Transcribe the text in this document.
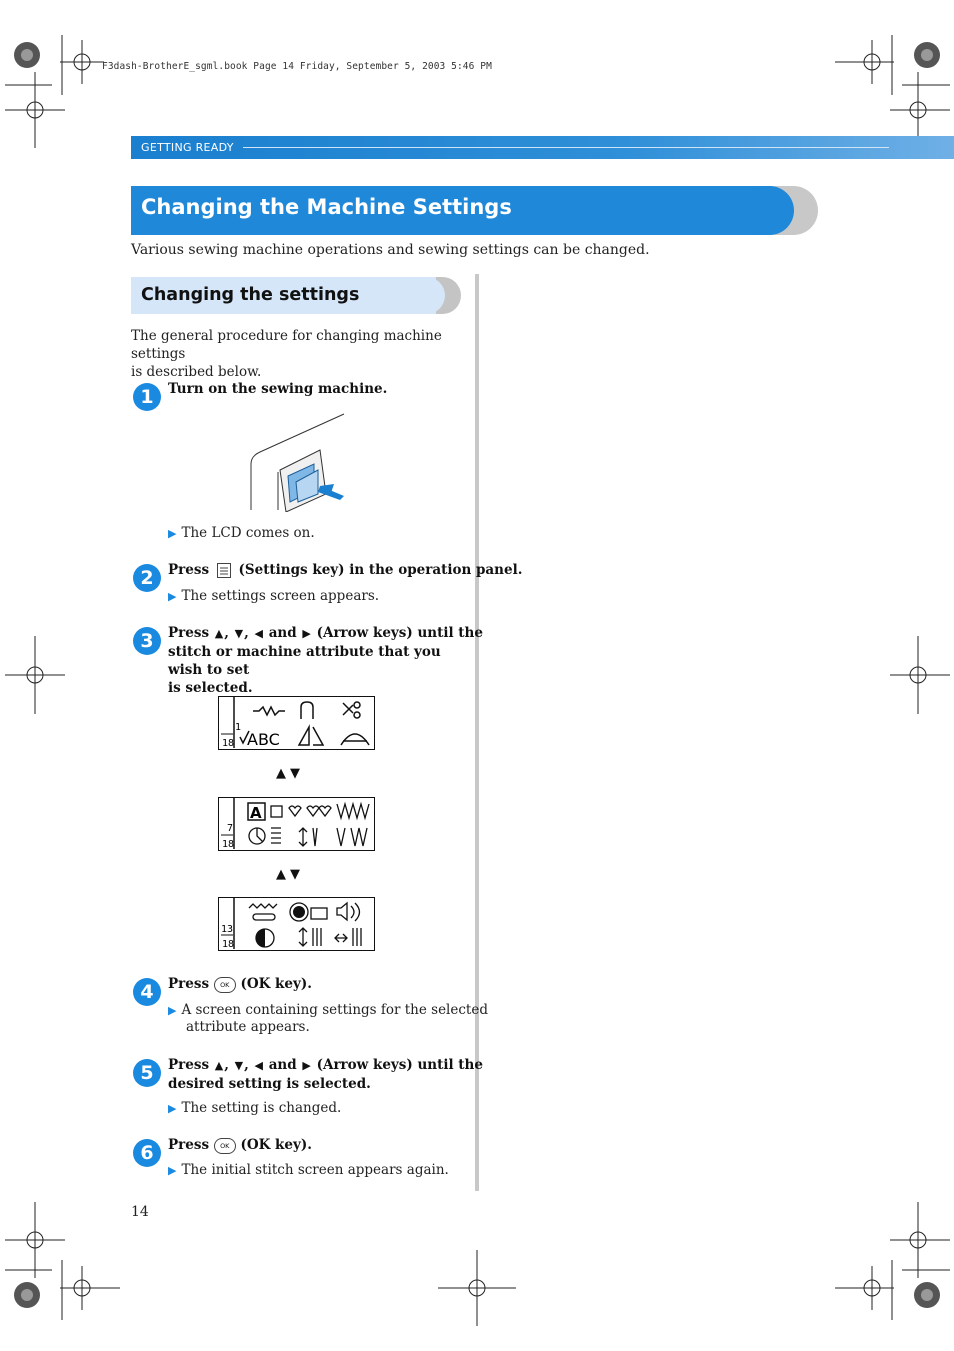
F3dash-BrotherE_sgml.book Page 14 Friday, September 5, 2003 5:46 PM
GETTING READY
Changing the Machine Settings
Various sewing machine operations and sewing settings can be changed.
Changing the settings
The general procedure for changing machine settings
is described below.
1	Turn on the sewing machine.
▶ The LCD comes on.
2	Press (Settings key) in the operation panel.
▶ The settings screen appears.
3	Press ▲, ▼, ◀ and ▶ (Arrow keys) until the
stitch or machine attribute that you wish to set
is selected.
1
18 ABC
▲▼
7
18
A
▲▼
13
18
4	Press OK (OK key).
▶ A screen containing settings for the selected
attribute appears.
5	Press ▲, ▼, ◀ and ▶ (Arrow keys) until the
desired setting is selected.
▶ The setting is changed.
6	Press OK (OK key).
▶ The initial stitch screen appears again.
14
